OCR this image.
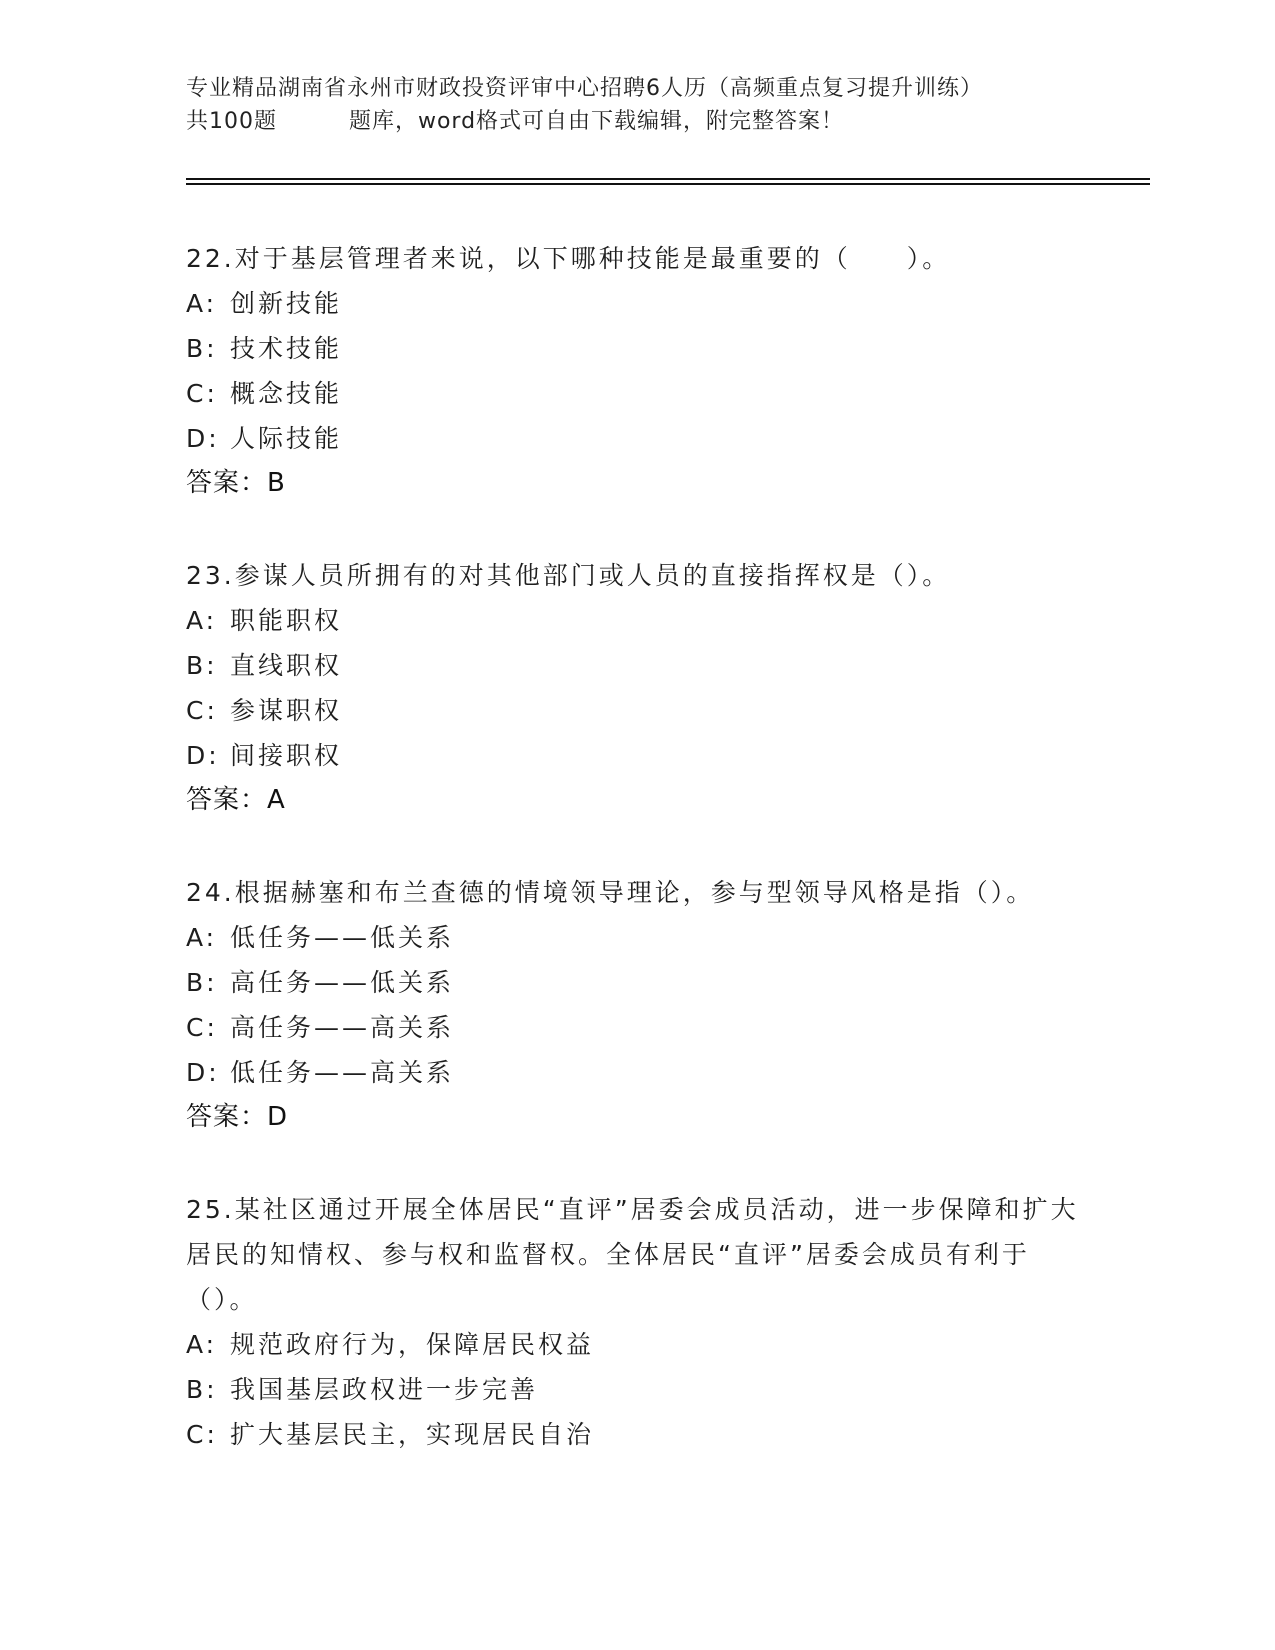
专业精品湖南省永州市财政投资评审中心招聘6人历（高频重点复习提升训练）
共100题	题库，word格式可自由下载编辑，附完整答案！
22.对于基层管理者来说，以下哪种技能是最重要的（　　）。
A: 创新技能
B: 技术技能
C: 概念技能
D: 人际技能
答案：B
23.参谋人员所拥有的对其他部门或人员的直接指挥权是（）。
A: 职能职权
B: 直线职权
C: 参谋职权
D: 间接职权
答案：A
24.根据赫塞和布兰查德的情境领导理论，参与型领导风格是指（）。
A: 低任务——低关系
B: 高任务——低关系
C: 高任务——高关系
D: 低任务——高关系
答案：D
25.某社区通过开展全体居民“直评”居委会成员活动，进一步保障和扩大居民的知情权、参与权和监督权。全体居民“直评”居委会成员有利于（）。
A: 规范政府行为，保障居民权益
B: 我国基层政权进一步完善
C: 扩大基层民主，实现居民自治
